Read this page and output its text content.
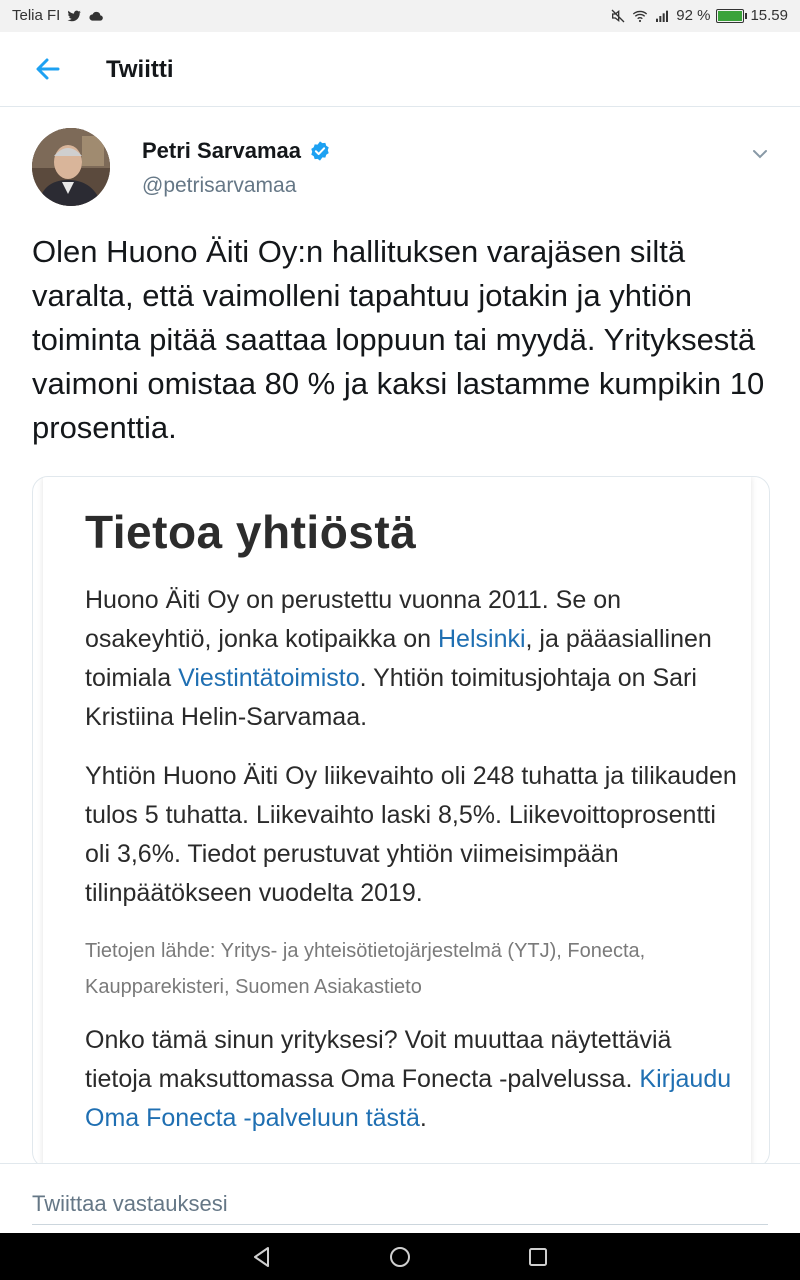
Telia FI	92 %	15.59
Twiitti
Petri Sarvamaa
@petrisarvamaa

Olen Huono Äiti Oy:n hallituksen varajäsen siltä varalta, että vaimolleni tapahtuu jotakin ja yhtiön toiminta pitää saattaa loppuun tai myydä. Yrityksestä vaimoni omistaa 80 % ja kaksi lastamme kumpikin 10 prosenttia.

Tietoa yhtiöstä

Huono Äiti Oy on perustettu vuonna 2011. Se on osakeyhtiö, jonka kotipaikka on Helsinki, ja pääasiallinen toimiala Viestintätoimisto. Yhtiön toimitusjohtaja on Sari Kristiina Helin-Sarvamaa.

Yhtiön Huono Äiti Oy liikevaihto oli 248 tuhatta ja tilikauden tulos 5 tuhatta. Liikevaihto laski 8,5%. Liikevoittoprosentti oli 3,6%. Tiedot perustuvat yhtiön viimeisimpään tilinpäätökseen vuodelta 2019.

Tietojen lähde: Yritys- ja yhteisötietojärjestelmä (YTJ), Fonecta, Kaupparekisteri, Suomen Asiakastieto

Onko tämä sinun yrityksesi? Voit muuttaa näytettäviä tietoja maksuttomassa Oma Fonecta -palvelussa. Kirjaudu Oma Fonecta -palveluun tästä.

Twiittaa vastauksesi
